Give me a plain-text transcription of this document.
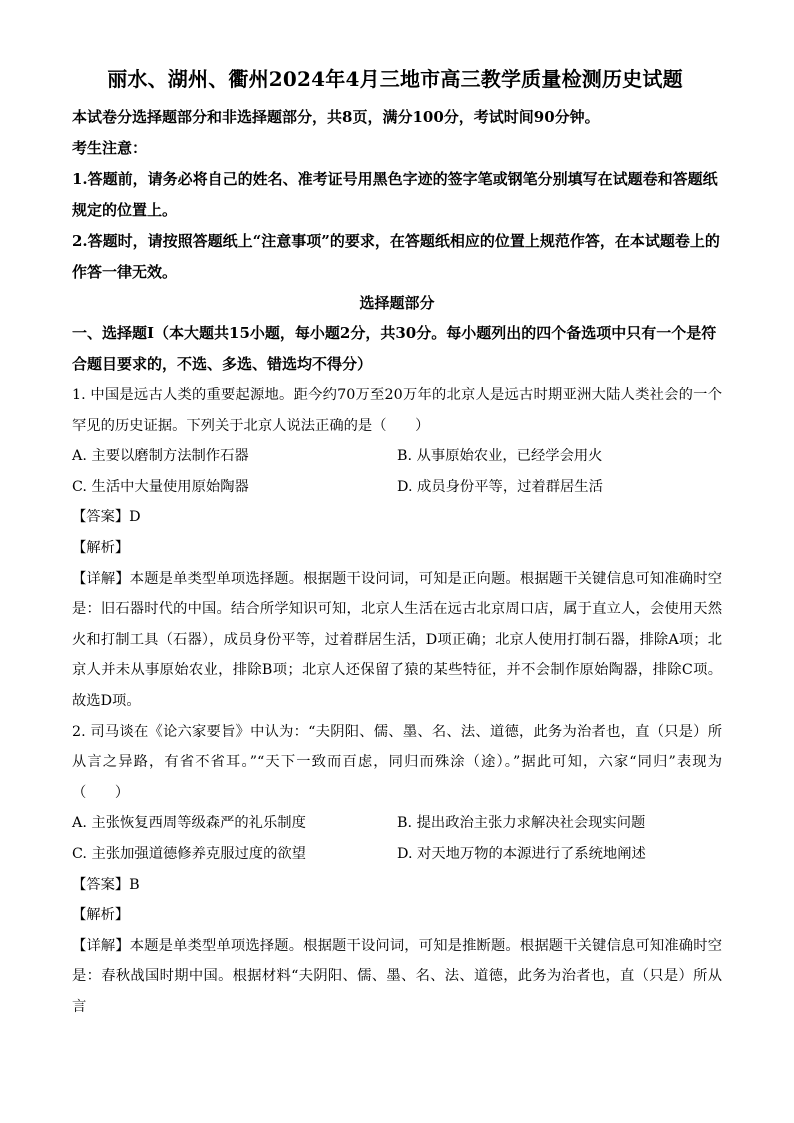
丽水、湖州、衢州2024年4月三地市高三教学质量检测历史试题

本试卷分选择题部分和非选择题部分，共8页，满分100分，考试时间90分钟。

考生注意：

1.答题前，请务必将自己的姓名、准考证号用黑色字迹的签字笔或钢笔分别填写在试题卷和答题纸规定的位置上。

2.答题时，请按照答题纸上“注意事项”的要求，在答题纸相应的位置上规范作答，在本试题卷上的作答一律无效。

选择题部分

一、选择题Ⅰ（本大题共15小题，每小题2分，共30分。每小题列出的四个备选项中只有一个是符合题目要求的，不选、多选、错选均不得分）

1. 中国是远古人类的重要起源地。距今约70万至20万年的北京人是远古时期亚洲大陆人类社会的一个罕见的历史证据。下列关于北京人说法正确的是（　　）

A. 主要以磨制方法制作石器	B. 从事原始农业，已经学会用火
C. 生活中大量使用原始陶器	D. 成员身份平等，过着群居生活

【答案】D

【解析】

【详解】本题是单类型单项选择题。根据题干设问词，可知是正向题。根据题干关键信息可知准确时空是：旧石器时代的中国。结合所学知识可知，北京人生活在远古北京周口店，属于直立人，会使用天然火和打制工具（石器），成员身份平等，过着群居生活，D项正确；北京人使用打制石器，排除A项；北京人并未从事原始农业，排除B项；北京人还保留了猿的某些特征，并不会制作原始陶器，排除C项。故选D项。

2. 司马谈在《论六家要旨》中认为：“夫阴阳、儒、墨、名、法、道德，此务为治者也，直（只是）所从言之异路，有省不省耳。”“天下一致而百虑，同归而殊涂（途）。”据此可知，六家“同归”表现为（　　）

A. 主张恢复西周等级森严的礼乐制度	B. 提出政治主张力求解决社会现实问题
C. 主张加强道德修养克服过度的欲望	D. 对天地万物的本源进行了系统地阐述

【答案】B

【解析】

【详解】本题是单类型单项选择题。根据题干设问词，可知是推断题。根据题干关键信息可知准确时空是：春秋战国时期中国。根据材料“夫阴阳、儒、墨、名、法、道德，此务为治者也，直（只是）所从言
